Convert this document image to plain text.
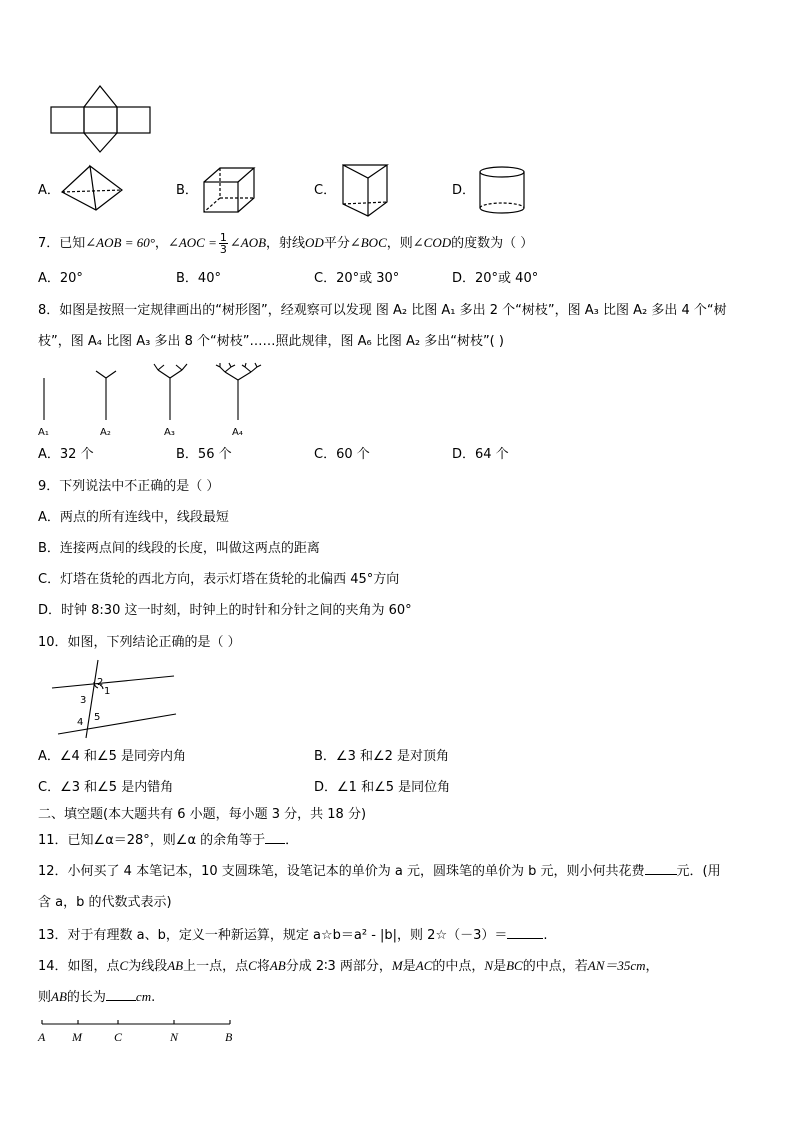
A．	B．	C．	D．
7．已知∠AOB = 60°，∠AOC = $\frac{1}{3}$ ∠AOB，射线OD平分∠BOC，则∠COD的度数为（ ）
A．20°	B．40°	C．20°或 30°	D．20°或 40°
8．如图是按照一定规律画出的“树形图”，经观察可以发现 图 A₂ 比图 A₁ 多出 2 个“树枝”，图 A₃ 比图 A₂ 多出 4 个“树
枝”，图 A₄ 比图 A₃ 多出 8 个“树枝”……照此规律，图 A₆ 比图 A₂ 多出“树枝”( )
A₁	A₂	A₃	A₄
A．32 个	B．56 个	C．60 个	D．64 个
9．下列说法中不正确的是（ ）
A．两点的所有连线中，线段最短
B．连接两点间的线段的长度，叫做这两点的距离
C．灯塔在货轮的西北方向，表示灯塔在货轮的北偏西 45°方向
D．时钟 8:30 这一时刻，时钟上的时针和分针之间的夹角为 60°
10．如图，下列结论正确的是（ ）
2
1
3
4 5
A．∠4 和∠5 是同旁内角	B．∠3 和∠2 是对顶角
C．∠3 和∠5 是内错角	D．∠1 和∠5 是同位角
二、填空题(本大题共有 6 小题，每小题 3 分，共 18 分)
11．已知∠α＝28°，则∠α 的余角等于 ．
12．小何买了 4 本笔记本，10 支圆珠笔，设笔记本的单价为 a 元，圆珠笔的单价为 b 元，则小何共花费 元．(用
含 a，b 的代数式表示)
13．对于有理数 a、b，定义一种新运算，规定 a☆b＝a² - |b|，则 2☆（－3）＝	.
14．如图，点C为线段AB上一点，点C将AB分成 2∶3 两部分，M是AC的中点，N是BC的中点，若AN＝35cm，
则AB的长为 cm.
A M	C	N	B
